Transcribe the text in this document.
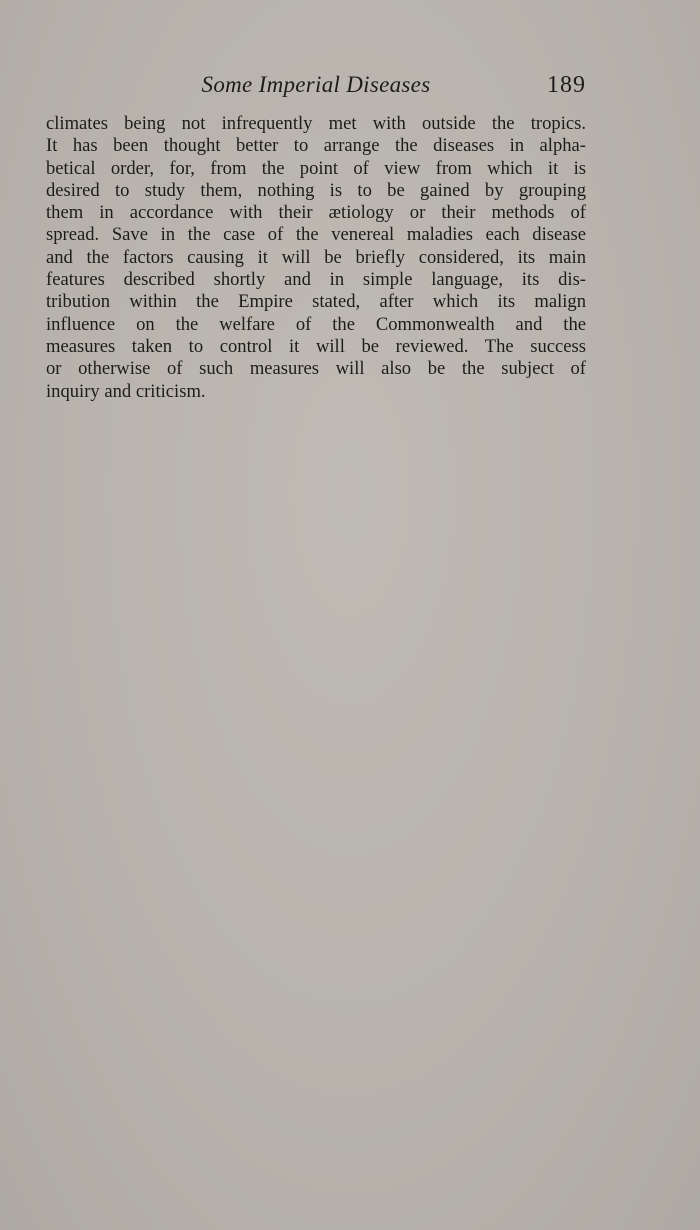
Some Imperial Diseases	189
climates being not infrequently met with outside the tropics.
It has been thought better to arrange the diseases in alpha-
betical order, for, from the point of view from which it is
desired to study them, nothing is to be gained by grouping
them in accordance with their ætiology or their methods of
spread. Save in the case of the venereal maladies each disease
and the factors causing it will be briefly considered, its main
features described shortly and in simple language, its dis-
tribution within the Empire stated, after which its malign
influence on the welfare of the Commonwealth and the
measures taken to control it will be reviewed. The success
or otherwise of such measures will also be the subject of
inquiry and criticism.
